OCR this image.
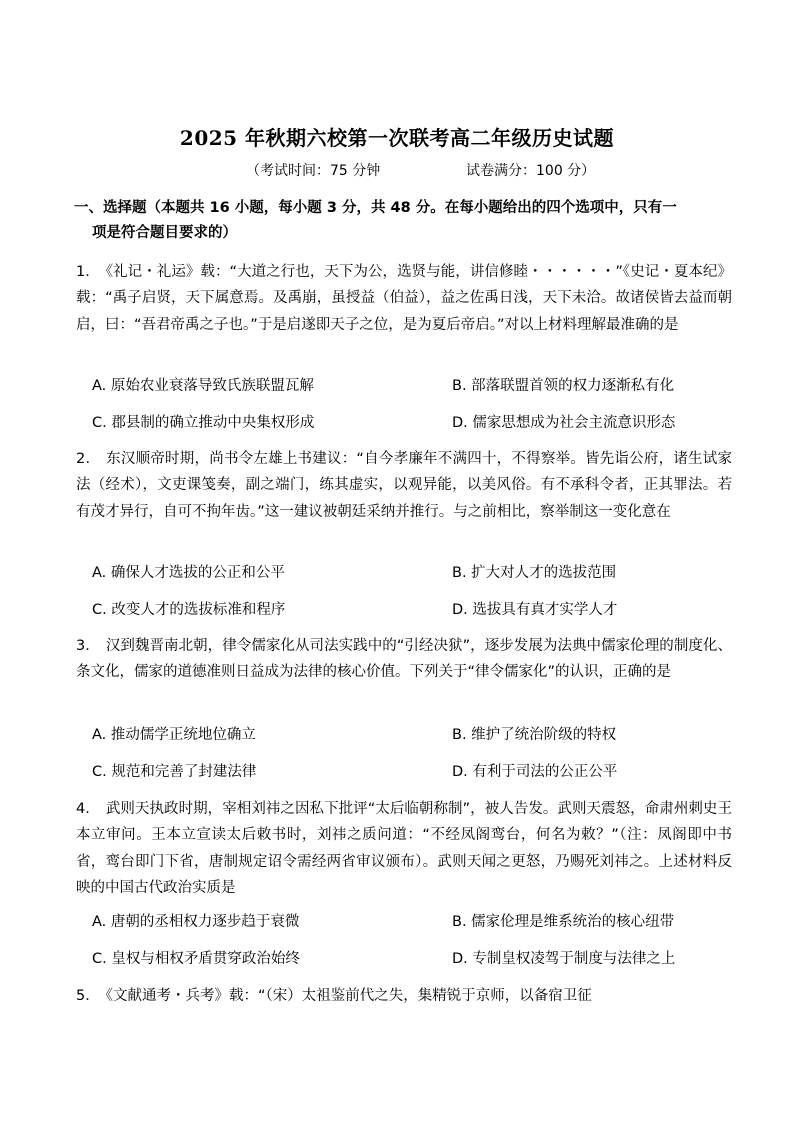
2025 年秋期六校第一次联考高二年级历史试题
（考试时间：75 分钟	试卷满分：100 分）
一、选择题（本题共 16 小题，每小题 3 分，共 48 分。在每小题给出的四个选项中，只有一
项是符合题目要求的）
1． 《礼记・礼运》载：“大道之行也，天下为公，选贤与能，讲信修睦・・・・・・”《史记・夏本纪》载：“禹子启贤，天下属意焉。及禹崩，虽授益（伯益），益之佐禹日浅，天下未洽。故诸侯皆去益而朝启，曰：“吾君帝禹之子也。”于是启遂即天子之位，是为夏后帝启。”对以上材料理解最准确的是
A. 原始农业衰落导致氏族联盟瓦解	B. 部落联盟首领的权力逐渐私有化
C. 郡县制的确立推动中央集权形成	D. 儒家思想成为社会主流意识形态
2． 东汉顺帝时期，尚书令左雄上书建议：“自今孝廉年不满四十，不得察举。皆先诣公府，诸生试家法（经术），文吏课笺奏，副之端门，练其虚实，以观异能，以美风俗。有不承科令者，正其罪法。若有茂才异行，自可不拘年齿。”这一建议被朝廷采纳并推行。与之前相比，察举制这一变化意在
A. 确保人才选拔的公正和公平	B. 扩大对人才的选拔范围
C. 改变人才的选拔标准和程序	D. 选拔具有真才实学人才
3． 汉到魏晋南北朝，律令儒家化从司法实践中的“引经决狱”，逐步发展为法典中儒家伦理的制度化、条文化，儒家的道德准则日益成为法律的核心价值。下列关于“律令儒家化”的认识，正确的是
A. 推动儒学正统地位确立	B. 维护了统治阶级的特权
C. 规范和完善了封建法律	D. 有利于司法的公正公平
4． 武则天执政时期，宰相刘祎之因私下批评“太后临朝称制”，被人告发。武则天震怒，命肃州刺史王本立审问。王本立宣读太后敕书时，刘祎之质问道：“不经凤阁鸾台，何名为敕？”（注：凤阁即中书省，鸾台即门下省，唐制规定诏令需经两省审议颁布）。武则天闻之更怒，乃赐死刘祎之。上述材料反映的中国古代政治实质是
A. 唐朝的丞相权力逐步趋于衰微	B. 儒家伦理是维系统治的核心纽带
C. 皇权与相权矛盾贯穿政治始终	D. 专制皇权凌驾于制度与法律之上
5． 《文献通考・兵考》载：“（宋）太祖鉴前代之失，集精锐于京师，以备宿卫征
